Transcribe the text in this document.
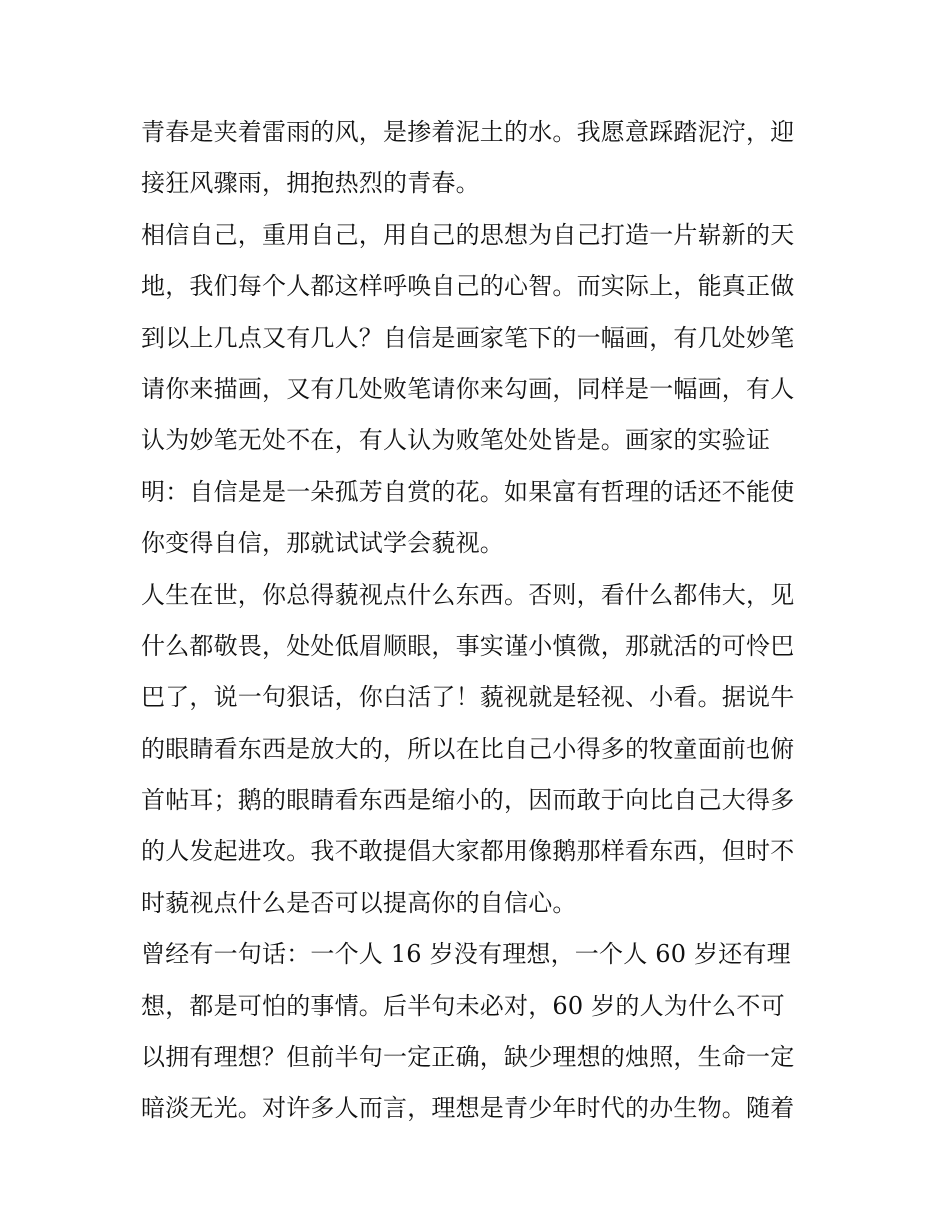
青春是夹着雷雨的风，是掺着泥土的水。我愿意踩踏泥泞，迎
接狂风骤雨，拥抱热烈的青春。
相信自己，重用自己，用自己的思想为自己打造一片崭新的天
地，我们每个人都这样呼唤自己的心智。而实际上，能真正做
到以上几点又有几人？自信是画家笔下的一幅画，有几处妙笔
请你来描画，又有几处败笔请你来勾画，同样是一幅画，有人
认为妙笔无处不在，有人认为败笔处处皆是。画家的实验证
明：自信是是一朵孤芳自赏的花。如果富有哲理的话还不能使
你变得自信，那就试试学会藐视。
人生在世，你总得藐视点什么东西。否则，看什么都伟大，见
什么都敬畏，处处低眉顺眼，事实谨小慎微，那就活的可怜巴
巴了，说一句狠话，你白活了！藐视就是轻视、小看。据说牛
的眼睛看东西是放大的，所以在比自己小得多的牧童面前也俯
首帖耳；鹅的眼睛看东西是缩小的，因而敢于向比自己大得多
的人发起进攻。我不敢提倡大家都用像鹅那样看东西，但时不
时藐视点什么是否可以提高你的自信心。
曾经有一句话：一个人 16 岁没有理想，一个人 60 岁还有理
想，都是可怕的事情。后半句未必对，60 岁的人为什么不可
以拥有理想？但前半句一定正确，缺少理想的烛照，生命一定
暗淡无光。对许多人而言，理想是青少年时代的办生物。随着
